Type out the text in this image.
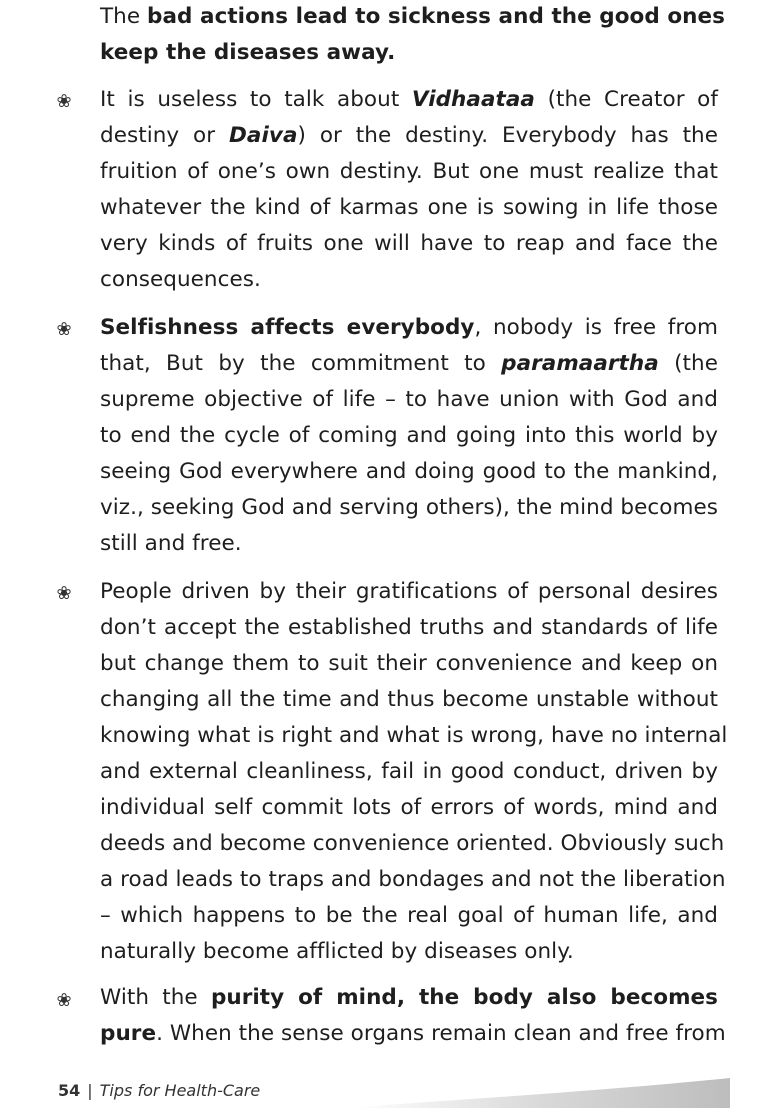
The bad actions lead to sickness and the good ones
keep the diseases away.
❀ It is useless to talk about Vidhaataa (the Creator of
destiny or Daiva) or the destiny. Everybody has the
fruition of one’s own destiny. But one must realize that
whatever the kind of karmas one is sowing in life those
very kinds of fruits one will have to reap and face the
consequences.
❀ Selfishness affects everybody, nobody is free from
that, But by the commitment to paramaartha (the
supreme objective of life – to have union with God and
to end the cycle of coming and going into this world by
seeing God everywhere and doing good to the mankind,
viz., seeking God and serving others), the mind becomes
still and free.
❀ People driven by their gratifications of personal desires
don’t accept the established truths and standards of life
but change them to suit their convenience and keep on
changing all the time and thus become unstable without
knowing what is right and what is wrong, have no internal
and external cleanliness, fail in good conduct, driven by
individual self commit lots of errors of words, mind and
deeds and become convenience oriented. Obviously such
a road leads to traps and bondages and not the liberation
– which happens to be the real goal of human life, and
naturally become afflicted by diseases only.
❀ With the purity of mind, the body also becomes
pure. When the sense organs remain clean and free from
54 | Tips for Health-Care
